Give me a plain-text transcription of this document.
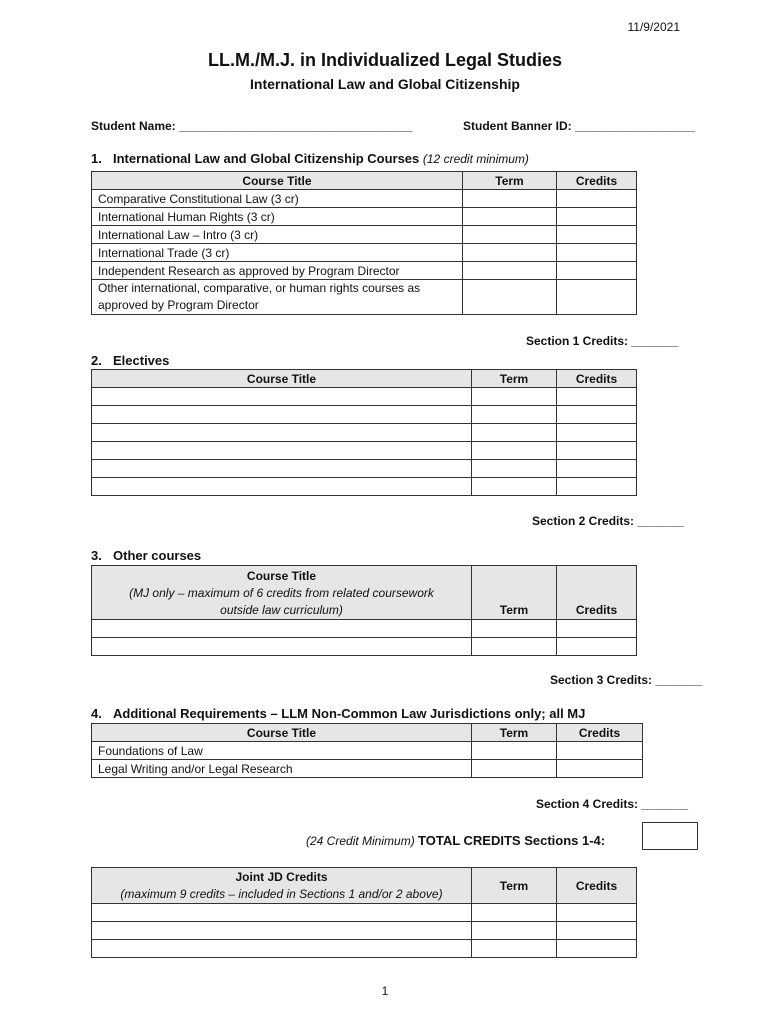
11/9/2021
LL.M./M.J. in Individualized Legal Studies
International Law and Global Citizenship
Student Name: ___________________________________	Student Banner ID: __________________
1. International Law and Global Citizenship Courses (12 credit minimum)
Course Title	Term	Credits
Comparative Constitutional Law (3 cr)		
International Human Rights (3 cr)		
International Law – Intro (3 cr)		
International Trade (3 cr)		
Independent Research as approved by Program Director		
Other international, comparative, or human rights courses as approved by Program Director		
Section 1 Credits: _______
2. Electives
Course Title	Term	Credits

Section 2 Credits: _______
3. Other courses
Course Title
(MJ only – maximum of 6 credits from related coursework outside law curriculum)	Term	Credits

Section 3 Credits: _______
4. Additional Requirements – LLM Non-Common Law Jurisdictions only; all MJ
Course Title	Term	Credits
Foundations of Law		
Legal Writing and/or Legal Research		
Section 4 Credits: _______
(24 Credit Minimum) TOTAL CREDITS Sections 1-4:
Joint JD Credits
(maximum 9 credits – included in Sections 1 and/or 2 above)	Term	Credits

1
